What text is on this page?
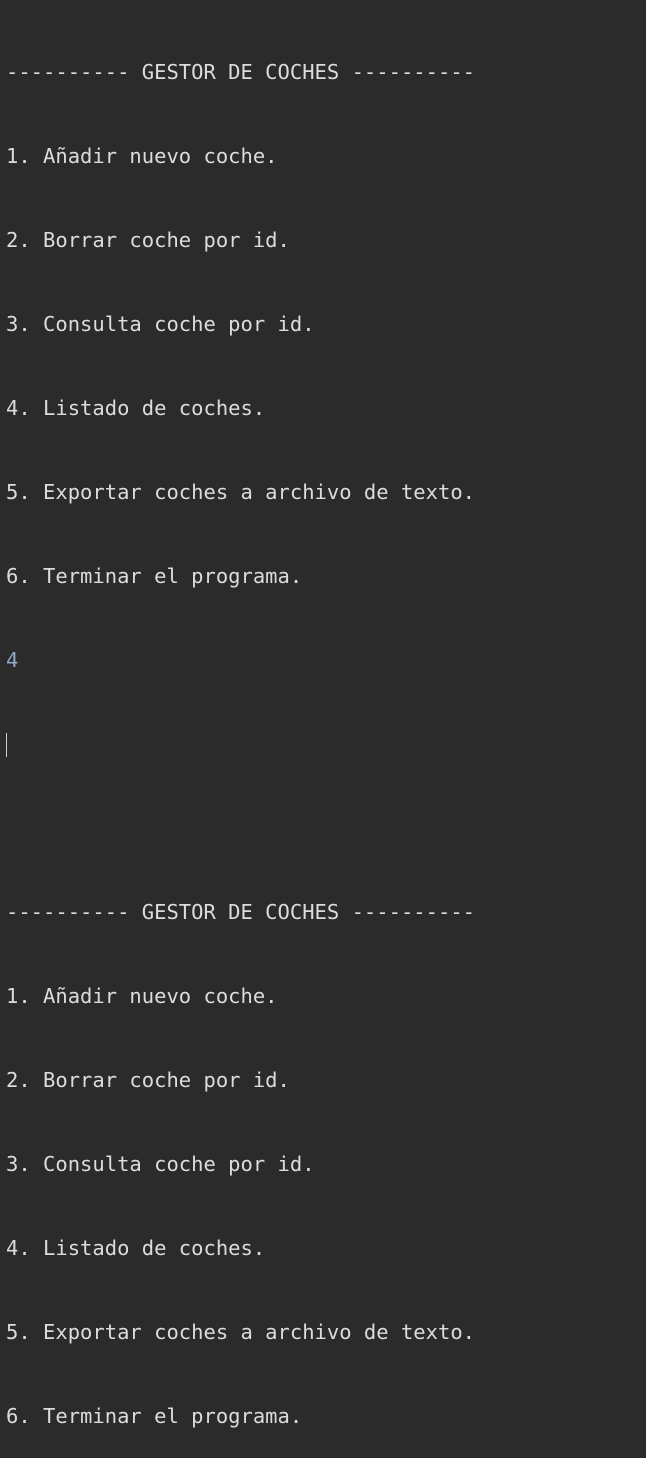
---------- GESTOR DE COCHES ----------

1. Añadir nuevo coche.

2. Borrar coche por id.

3. Consulta coche por id.

4. Listado de coches.

5. Exportar coches a archivo de texto.

6. Terminar el programa.

4

---------- GESTOR DE COCHES ----------

1. Añadir nuevo coche.

2. Borrar coche por id.

3. Consulta coche por id.

4. Listado de coches.

5. Exportar coches a archivo de texto.

6. Terminar el programa.
